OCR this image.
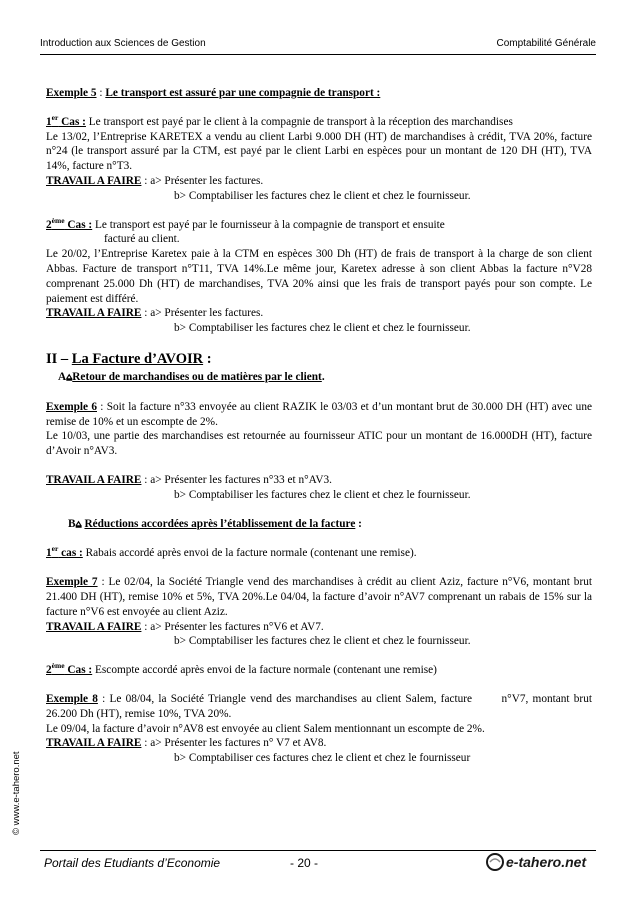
Introduction aux Sciences de Gestion	Comptabilité Générale
© www.e-tahero.net

Exemple 5 : Le transport est assuré par une compagnie de transport :

1er Cas : Le transport est payé par le client à la compagnie de transport à la réception des marchandises

Le 13/02, l’Entreprise KARETEX a vendu au client Larbi 9.000 DH (HT) de marchandises à crédit, TVA 20%, facture n°24 (le transport assuré par la CTM, est payé par le client Larbi en espèces pour un montant de 120 DH (HT), TVA 14%, facture n°T3.

TRAVAIL A FAIRE : a> Présenter les factures.

b> Comptabiliser les factures chez le client et chez le fournisseur.

2ème Cas : Le transport est payé par le fournisseur à la compagnie de transport et ensuite

facturé au client.

Le 20/02, l’Entreprise Karetex paie à la CTM en espèces 300 Dh (HT) de frais de transport à la charge de son client Abbas. Facture de transport n°T11, TVA 14%.Le même jour, Karetex adresse à son client Abbas la facture n°V28 comprenant 25.000 Dh (HT) de marchandises, TVA 20% ainsi que les frais de transport payés pour son compte. Le paiement est différé.

TRAVAIL A FAIRE : a> Présenter les factures.

b> Comptabiliser les factures chez le client et chez le fournisseur.

II – La Facture d’AVOIR :

A⩠Retour de marchandises ou de matières par le client.

Exemple 6 : Soit la facture n°33 envoyée au client RAZIK le 03/03 et d’un montant brut de 30.000 DH (HT) avec une remise de 10% et un escompte de 2%.

Le 10/03, une partie des marchandises est retournée au fournisseur ATIC pour un montant de 16.000DH (HT), facture d’Avoir n°AV3.

TRAVAIL A FAIRE : a> Présenter les factures n°33 et n°AV3.

b> Comptabiliser les factures chez le client et chez le fournisseur.

B⩠ Réductions accordées après l’établissement de la facture :

1er cas : Rabais accordé après envoi de la facture normale (contenant une remise).

Exemple 7 : Le 02/04, la Société Triangle vend des marchandises à crédit au client Aziz, facture n°V6, montant brut 21.400 DH (HT), remise 10% et 5%, TVA 20%.Le 04/04, la facture d’avoir n°AV7 comprenant un rabais de 15% sur la facture n°V6 est envoyée au client Aziz.

TRAVAIL A FAIRE : a> Présenter les factures n°V6 et AV7.

b> Comptabiliser les factures chez le client et chez le fournisseur.

2ème Cas : Escompte accordé après envoi de la facture normale (contenant une remise)

Exemple 8 : Le 08/04, la Société Triangle vend des marchandises au client Salem, facture       n°V7, montant brut 26.200 Dh (HT), remise 10%, TVA 20%.

Le 09/04, la facture d’avoir n°AV8 est envoyée au client Salem mentionnant un escompte de 2%.

TRAVAIL A FAIRE : a> Présenter les factures n° V7 et AV8.

b> Comptabiliser ces factures chez le client et chez le fournisseur

Portail des Etudiants d’Economie	- 20 -	e-tahero.net
